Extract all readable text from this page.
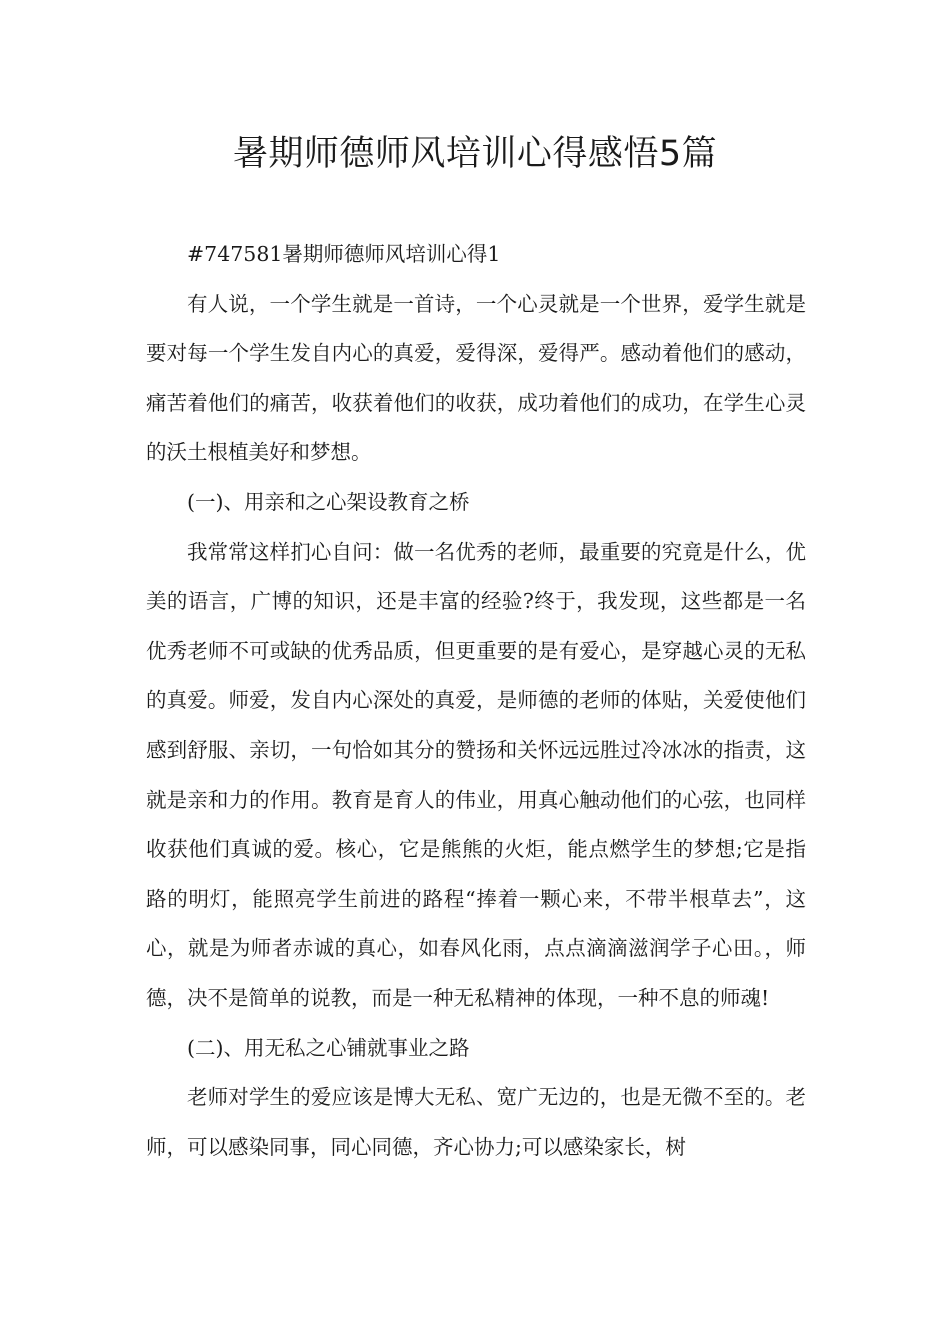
暑期师德师风培训心得感悟5篇

#747581暑期师德师风培训心得1

有人说，一个学生就是一首诗，一个心灵就是一个世界，爱学生就是要对每一个学生发自内心的真爱，爱得深，爱得严。感动着他们的感动，痛苦着他们的痛苦，收获着他们的收获，成功着他们的成功，在学生心灵的沃土根植美好和梦想。

(一)、用亲和之心架设教育之桥

我常常这样扪心自问：做一名优秀的老师，最重要的究竟是什么，优美的语言，广博的知识，还是丰富的经验?终于，我发现，这些都是一名优秀老师不可或缺的优秀品质，但更重要的是有爱心，是穿越心灵的无私的真爱。师爱，发自内心深处的真爱，是师德的老师的体贴，关爱使他们感到舒服、亲切，一句恰如其分的赞扬和关怀远远胜过冷冰冰的指责，这就是亲和力的作用。教育是育人的伟业，用真心触动他们的心弦，也同样收获他们真诚的爱。核心，它是熊熊的火炬，能点燃学生的梦想;它是指路的明灯，能照亮学生前进的路程“捧着一颗心来，不带半根草去”，这心，就是为师者赤诚的真心，如春风化雨，点点滴滴滋润学子心田。，师德，决不是简单的说教，而是一种无私精神的体现，一种不息的师魂!

(二)、用无私之心铺就事业之路

老师对学生的爱应该是博大无私、宽广无边的，也是无微不至的。老师，可以感染同事，同心同德，齐心协力;可以感染家长，树
